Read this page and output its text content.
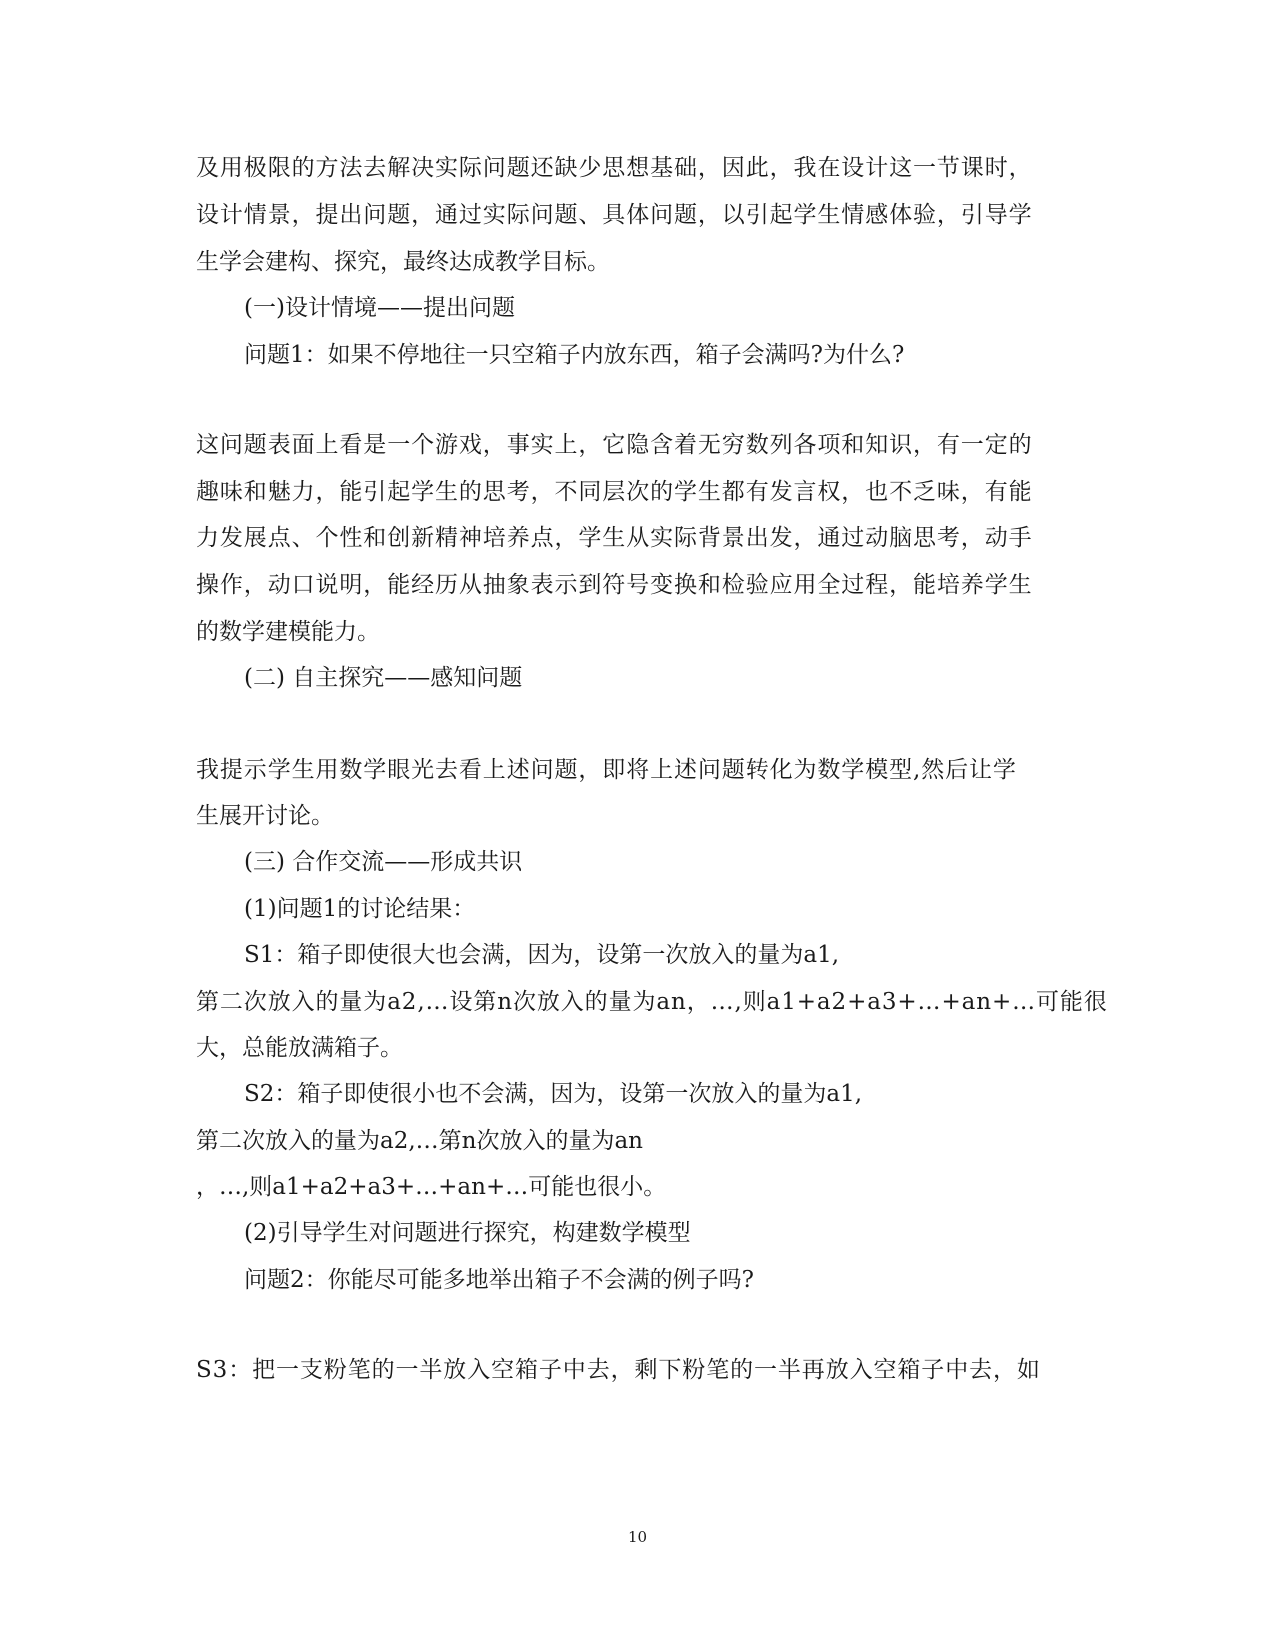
及用极限的方法去解决实际问题还缺少思想基础，因此，我在设计这一节课时，
设计情景，提出问题，通过实际问题、具体问题，以引起学生情感体验，引导学
生学会建构、探究，最终达成教学目标。
(一)设计情境——提出问题
问题1：如果不停地往一只空箱子内放东西，箱子会满吗?为什么?
这问题表面上看是一个游戏，事实上，它隐含着无穷数列各项和知识，有一定的
趣味和魅力，能引起学生的思考，不同层次的学生都有发言权，也不乏味，有能
力发展点、个性和创新精神培养点，学生从实际背景出发，通过动脑思考，动手
操作，动口说明，能经历从抽象表示到符号变换和检验应用全过程，能培养学生
的数学建模能力。
(二) 自主探究——感知问题
我提示学生用数学眼光去看上述问题，即将上述问题转化为数学模型,然后让学
生展开讨论。
(三) 合作交流——形成共识
(1)问题1的讨论结果：
S1：箱子即使很大也会满，因为，设第一次放入的量为a1,
第二次放入的量为a2,…设第n次放入的量为an，…,则a1+a2+a3+…+an+…可能很
大，总能放满箱子。
S2：箱子即使很小也不会满，因为，设第一次放入的量为a1,
第二次放入的量为a2,…第n次放入的量为an
，…,则a1+a2+a3+…+an+…可能也很小。
(2)引导学生对问题进行探究，构建数学模型
问题2：你能尽可能多地举出箱子不会满的例子吗?
S3：把一支粉笔的一半放入空箱子中去，剩下粉笔的一半再放入空箱子中去，如
10
